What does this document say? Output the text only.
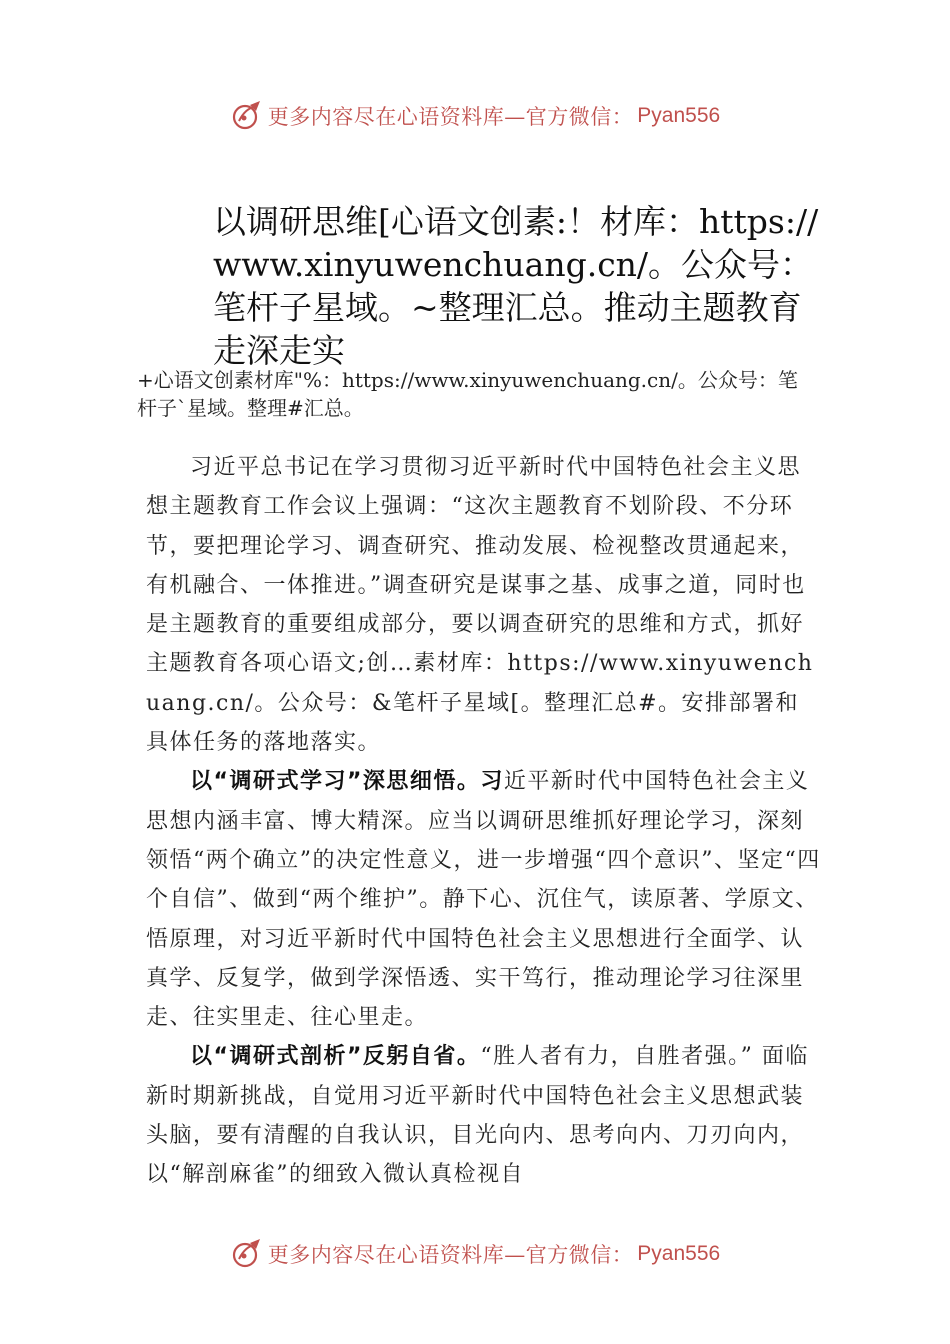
更多内容尽在心语资料库—官方微信： Pyan556
以调研思维[心语文创素:！材库：https://www.xinyuwenchuang.cn/。公众号：笔杆子星域。~整理汇总。推动主题教育走深走实

+心语文创素材库"%：https://www.xinyuwenchuang.cn/。公众号：笔杆子`星域。整理#汇总。

习近平总书记在学习贯彻习近平新时代中国特色社会主义思想主题教育工作会议上强调：“这次主题教育不划阶段、不分环节，要把理论学习、调查研究、推动发展、检视整改贯通起来，有机融合、一体推进。”调查研究是谋事之基、成事之道，同时也是主题教育的重要组成部分，要以调查研究的思维和方式，抓好主题教育各项心语文;创…素材库：https://www.xinyuwenchuang.cn/。公众号：&笔杆子星域[。整理汇总#。安排部署和具体任务的落地落实。

以“调研式学习”深思细悟。习近平新时代中国特色社会主义思想内涵丰富、博大精深。应当以调研思维抓好理论学习，深刻领悟“两个确立”的决定性意义，进一步增强“四个意识”、坚定“四个自信”、做到“两个维护”。静下心、沉住气，读原著、学原文、悟原理，对习近平新时代中国特色社会主义思想进行全面学、认真学、反复学，做到学深悟透、实干笃行，推动理论学习往深里走、往实里走、往心里走。

以“调研式剖析”反躬自省。“胜人者有力，自胜者强。” 面临新时期新挑战，自觉用习近平新时代中国特色社会主义思想武装头脑，要有清醒的自我认识，目光向内、思考向内、刀刃向内，以“解剖麻雀”的细致入微认真检视自

更多内容尽在心语资料库—官方微信： Pyan556
